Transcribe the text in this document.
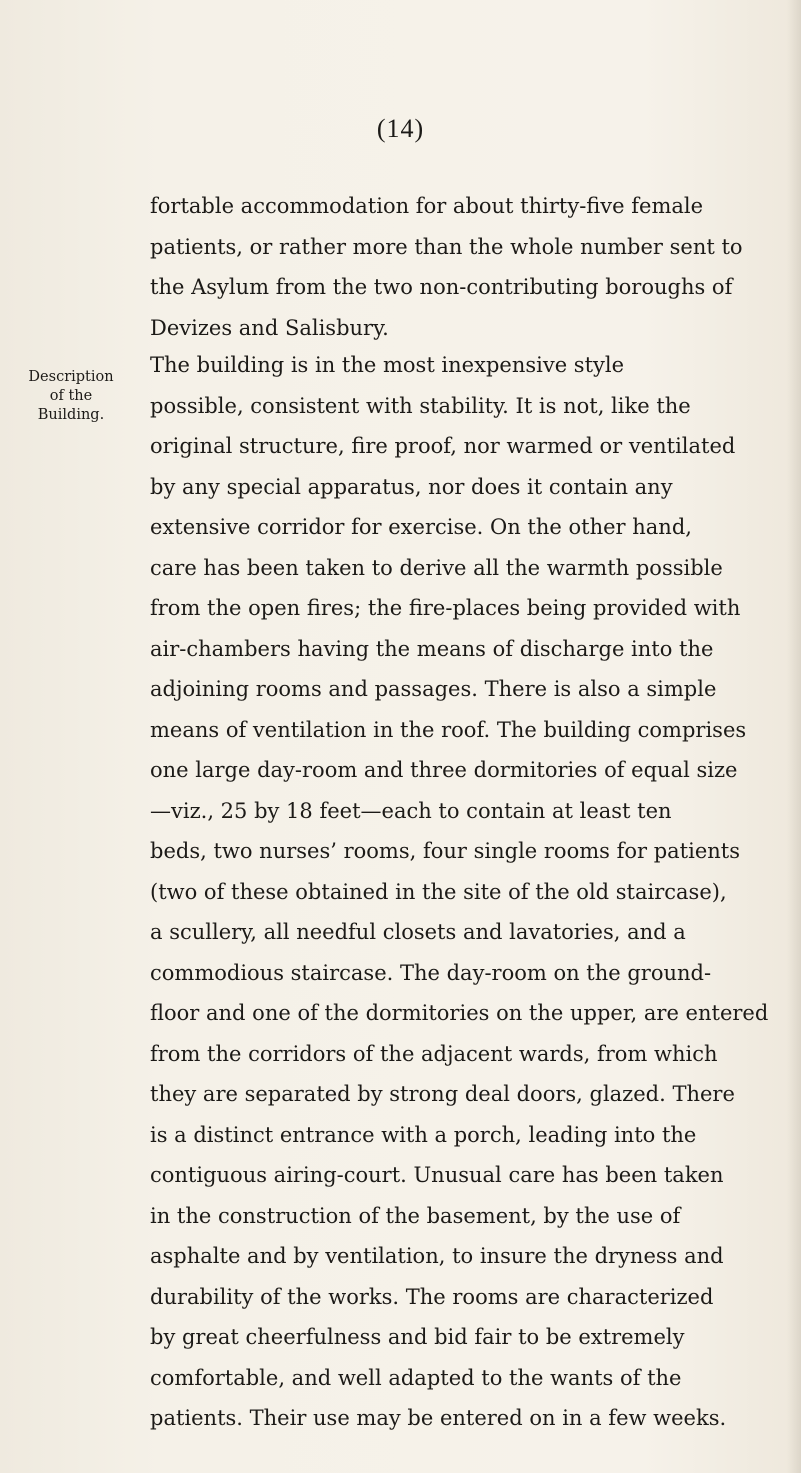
(14)
Description
of the
Building.

fortable accommodation for about thirty-five female
patients, or rather more than the whole number sent to
the Asylum from the two non-contributing boroughs of
Devizes and Salisbury.

The building is in the most inexpensive style
possible, consistent with stability. It is not, like the
original structure, fire proof, nor warmed or ventilated
by any special apparatus, nor does it contain any
extensive corridor for exercise. On the other hand,
care has been taken to derive all the warmth possible
from the open fires; the fire-places being provided with
air-chambers having the means of discharge into the
adjoining rooms and passages. There is also a simple
means of ventilation in the roof. The building comprises
one large day-room and three dormitories of equal size
—viz., 25 by 18 feet—each to contain at least ten
beds, two nurses’ rooms, four single rooms for patients
(two of these obtained in the site of the old staircase),
a scullery, all needful closets and lavatories, and a
commodious staircase. The day-room on the ground-
floor and one of the dormitories on the upper, are entered
from the corridors of the adjacent wards, from which
they are separated by strong deal doors, glazed. There
is a distinct entrance with a porch, leading into the
contiguous airing-court. Unusual care has been taken
in the construction of the basement, by the use of
asphalte and by ventilation, to insure the dryness and
durability of the works. The rooms are characterized
by great cheerfulness and bid fair to be extremely
comfortable, and well adapted to the wants of the
patients. Their use may be entered on in a few weeks.
